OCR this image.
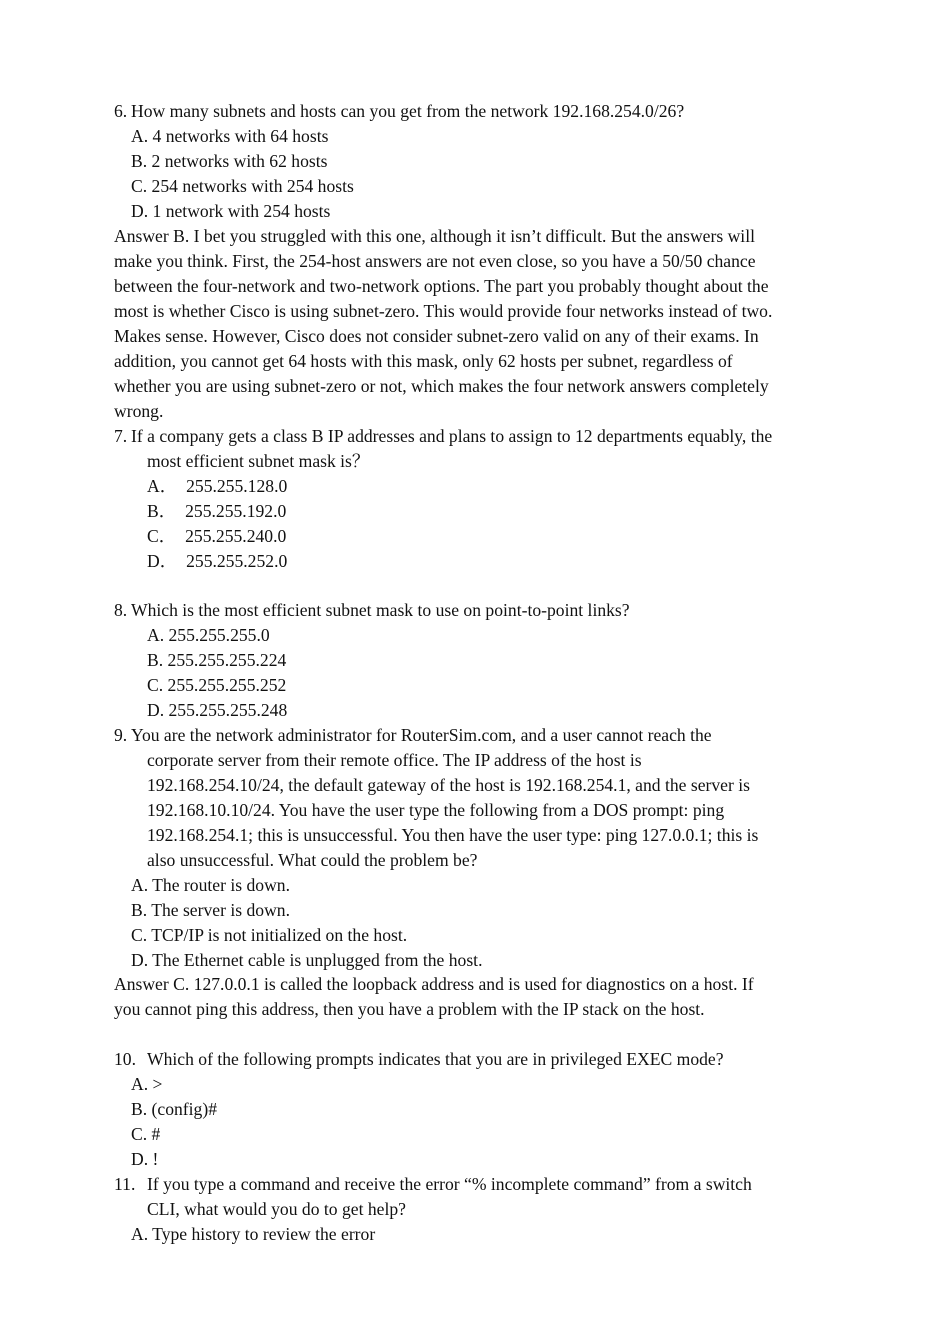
6. How many subnets and hosts can you get from the network 192.168.254.0/26?
A. 4 networks with 64 hosts
B. 2 networks with 62 hosts
C. 254 networks with 254 hosts
D. 1 network with 254 hosts
Answer B. I bet you struggled with this one, although it isn’t difficult. But the answers will
make you think. First, the 254-host answers are not even close, so you have a 50/50 chance
between the four-network and two-network options. The part you probably thought about the
most is whether Cisco is using subnet-zero. This would provide four networks instead of two.
Makes sense. However, Cisco does not consider subnet-zero valid on any of their exams. In
addition, you cannot get 64 hosts with this mask, only 62 hosts per subnet, regardless of
whether you are using subnet-zero or not, which makes the four network answers completely
wrong.
7. If a company gets a class B IP addresses and plans to assign to 12 departments equably, the
most efficient subnet mask is？
A．  255.255.128.0
B．  255.255.192.0
C．  255.255.240.0
D．  255.255.252.0
8. Which is the most efficient subnet mask to use on point-to-point links?
A. 255.255.255.0
B. 255.255.255.224
C. 255.255.255.252
D. 255.255.255.248
9. You are the network administrator for RouterSim.com, and a user cannot reach the
corporate server from their remote office. The IP address of the host is
192.168.254.10/24, the default gateway of the host is 192.168.254.1, and the server is
192.168.10.10/24. You have the user type the following from a DOS prompt: ping
192.168.254.1; this is unsuccessful. You then have the user type: ping 127.0.0.1; this is
also unsuccessful. What could the problem be?
A. The router is down.
B. The server is down.
C. TCP/IP is not initialized on the host.
D. The Ethernet cable is unplugged from the host.
Answer C. 127.0.0.1 is called the loopback address and is used for diagnostics on a host. If
you cannot ping this address, then you have a problem with the IP stack on the host.
10. Which of the following prompts indicates that you are in privileged EXEC mode?
A. >
B. (config)#
C. #
D. !
11. If you type a command and receive the error “% incomplete command” from a switch
CLI, what would you do to get help?
A. Type history to review the error
